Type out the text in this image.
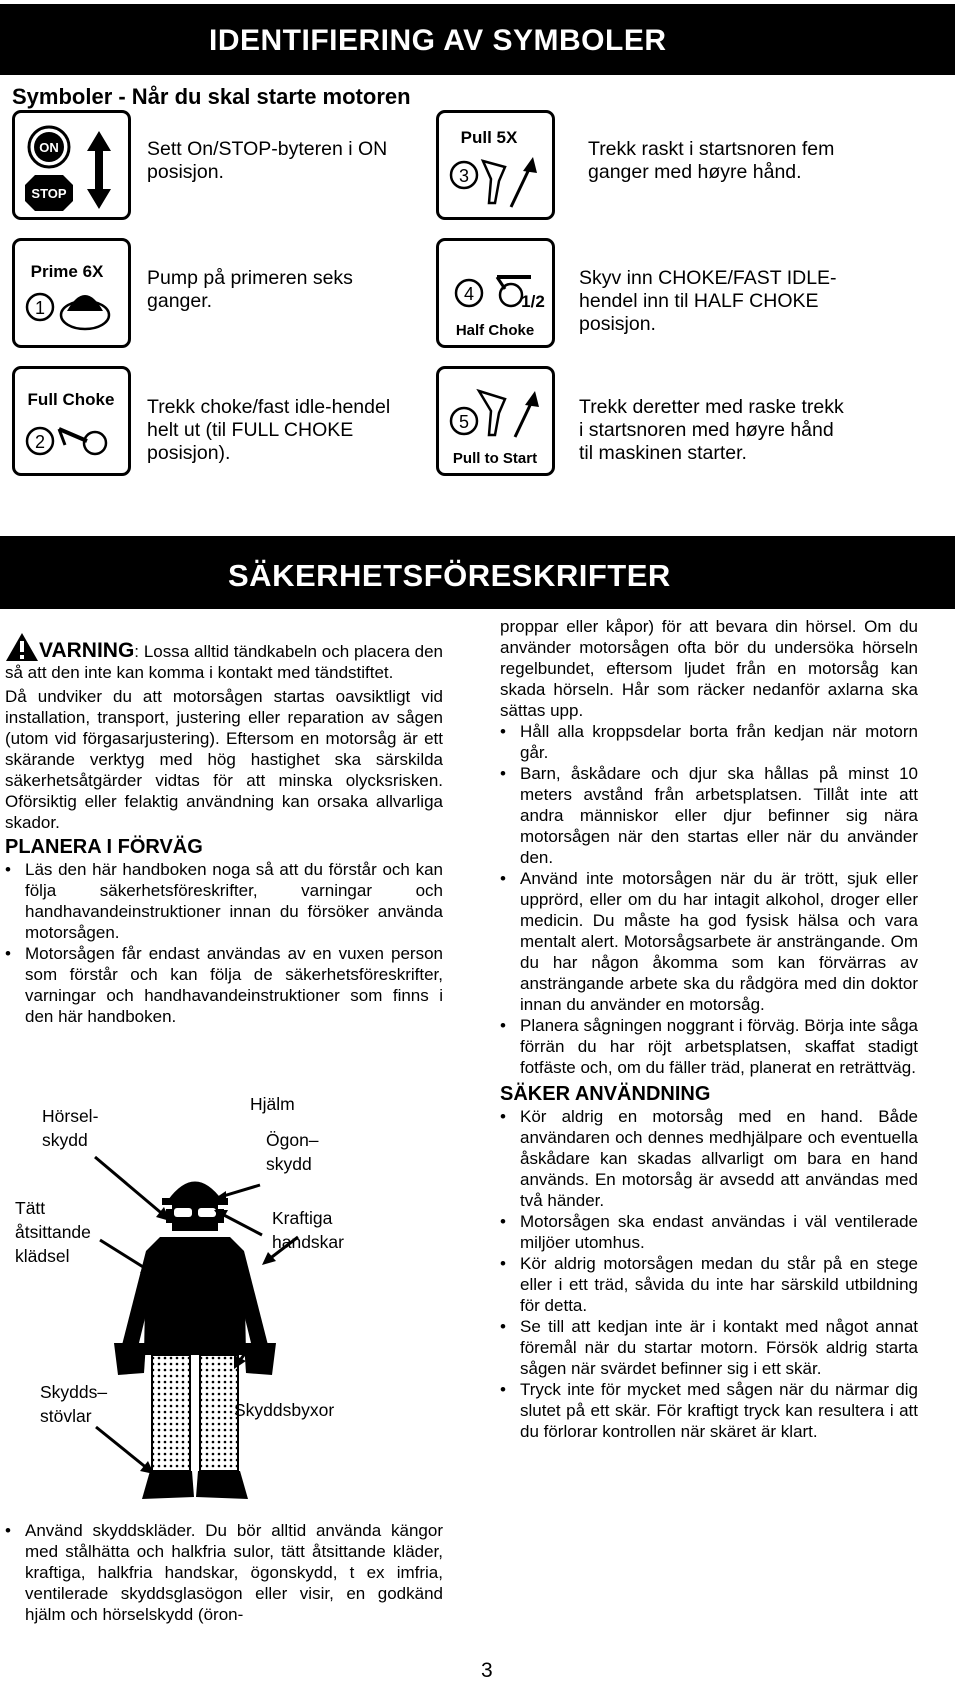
IDENTIFIERING AV SYMBOLER
Symboler - Når du skal starte motoren
ON
STOP
Sett On/STOP-byteren i ON posisjon.
Pull 5X
3
Trekk raskt i startsnoren fem ganger med høyre hånd.
Prime 6X
1
Pump på primeren seks ganger.	4	1/2
Half Choke
Skyv inn CHOKE/FAST IDLE- hendel inn til HALF CHOKE posisjon.
Full Choke
2
Trekk choke/fast idle-hendel helt ut (til FULL CHOKE posisjon).
5
Pull to Start
Trekk deretter med raske trekk i startsnoren med høyre hånd til maskinen starter.
SÄKERHETSFÖRESKRIFTER

VARNING: Lossa alltid tändkabeln och placera den så att den inte kan komma i kontakt med tändstiftet.

Då undviker du att motorsågen startas oavsiktligt vid installation, transport, justering eller reparation av sågen (utom vid förgasarjustering). Eftersom en motorsåg är ett skärande verktyg med hög hastighet ska särskilda säkerhetsåtgärder vidtas för att minska olycksrisken. Oförsiktig eller felaktig användning kan orsaka allvarliga skador.

PLANERA I FÖRVÄG

• Läs den här handboken noga så att du förstår och kan följa säkerhetsföreskrifter, varningar och handhavandeinstruktioner innan du försöker använda motorsågen.

• Motorsågen får endast användas av en vuxen person som förstår och kan följa de säkerhetsföreskrifter, varningar och handhavandeinstruktioner som finns i den här handboken.

Hörsel-
skydd
Hjälm
Ögon–
skydd
Tätt
åtsittande
klädsel
Kraftiga
handskar
Skydds–
stövlar	Skyddsbyxor

• Använd skyddskläder. Du bör alltid använda kängor med stålhätta och halkfria sulor, tätt åtsittande kläder, kraftiga, halkfria handskar, ögonskydd, t ex imfria, ventilerade skyddsglasögon eller visir, en godkänd hjälm och hörselskydd (öron-

proppar eller kåpor) för att bevara din hörsel. Om du använder motorsågen ofta bör du undersöka hörseln regelbundet, eftersom ljudet från en motorsåg kan skada hörseln. Hår som räcker nedanför axlarna ska sättas upp.

• Håll alla kroppsdelar borta från kedjan när motorn går.

• Barn, åskådare och djur ska hållas på minst 10 meters avstånd från arbetsplatsen. Tillåt inte att andra människor eller djur befinner sig nära motorsågen när den startas eller när du använder den.

• Använd inte motorsågen när du är trött, sjuk eller upprörd, eller om du har intagit alkohol, droger eller medicin. Du måste ha god fysisk hälsa och vara mentalt alert. Motorsågsarbete är ansträngande. Om du har någon åkomma som kan förvärras av ansträngande arbete ska du rådgöra med din doktor innan du använder en motorsåg.

• Planera sågningen noggrant i förväg. Börja inte såga förrän du har röjt arbetsplatsen, skaffat stadigt fotfäste och, om du fäller träd, planerat en reträttväg.

SÄKER ANVÄNDNING

• Kör aldrig en motorsåg med en hand. Både användaren och dennes medhjälpare och eventuella åskådare kan skadas allvarligt om bara en hand används. En motorsåg är avsedd att användas med två händer.

• Motorsågen ska endast användas i väl ventilerade miljöer utomhus.

• Kör aldrig motorsågen medan du står på en stege eller i ett träd, såvida du inte har särskild utbildning för detta.

• Se till att kedjan inte är i kontakt med något annat föremål när du startar motorn. Försök aldrig starta sågen när svärdet befinner sig i ett skär.

• Tryck inte för mycket med sågen när du närmar dig slutet på ett skär. För kraftigt tryck kan resultera i att du förlorar kontrollen när skäret är klart.

3
